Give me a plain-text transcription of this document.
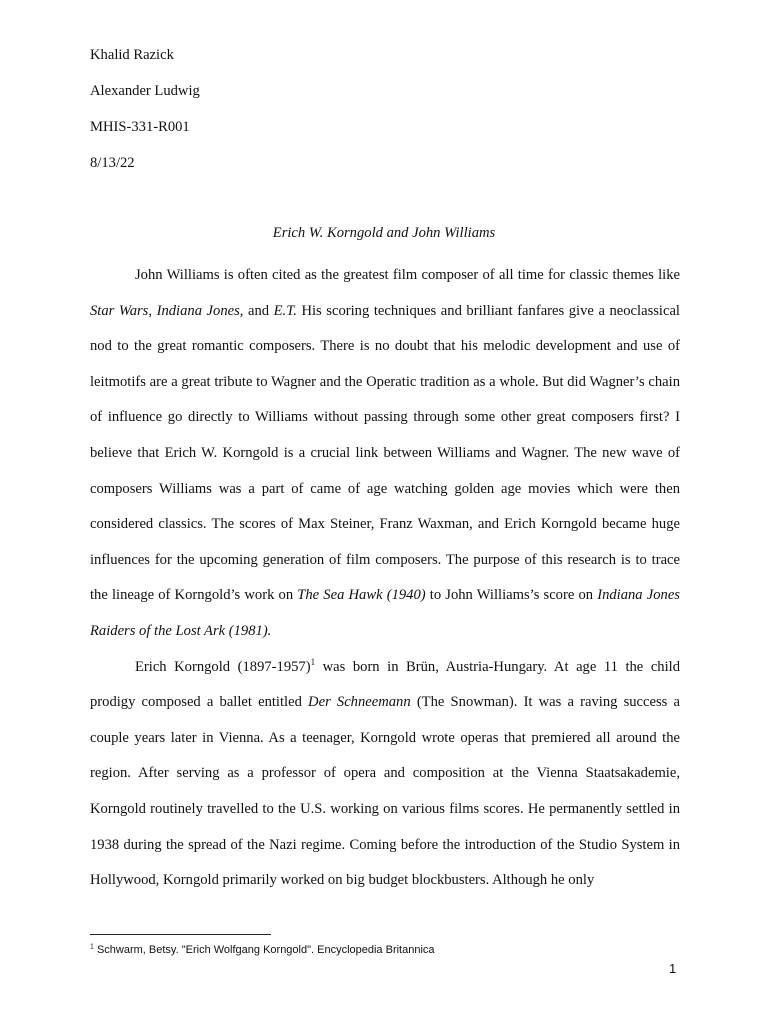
Khalid Razick
Alexander Ludwig
MHIS-331-R001
8/13/22
Erich W. Korngold and John Williams

John Williams is often cited as the greatest film composer of all time for classic themes like Star Wars, Indiana Jones, and E.T. His scoring techniques and brilliant fanfares give a neoclassical nod to the great romantic composers. There is no doubt that his melodic development and use of leitmotifs are a great tribute to Wagner and the Operatic tradition as a whole. But did Wagner’s chain of influence go directly to Williams without passing through some other great composers first? I believe that Erich W. Korngold is a crucial link between Williams and Wagner. The new wave of composers Williams was a part of came of age watching golden age movies which were then considered classics. The scores of Max Steiner, Franz Waxman, and Erich Korngold became huge influences for the upcoming generation of film composers. The purpose of this research is to trace the lineage of Korngold’s work on The Sea Hawk (1940) to John Williams’s score on Indiana Jones Raiders of the Lost Ark (1981).

Erich Korngold (1897-1957)$^1$ was born in Brün, Austria-Hungary. At age 11 the child prodigy composed a ballet entitled Der Schneemann (The Snowman). It was a raving success a couple years later in Vienna. As a teenager, Korngold wrote operas that premiered all around the region. After serving as a professor of opera and composition at the Vienna Staatsakademie, Korngold routinely travelled to the U.S. working on various films scores. He permanently settled in 1938 during the spread of the Nazi regime. Coming before the introduction of the Studio System in Hollywood, Korngold primarily worked on big budget blockbusters. Although he only

$^1$ Schwarm, Betsy. "Erich Wolfgang Korngold". Encyclopedia Britannica
1
